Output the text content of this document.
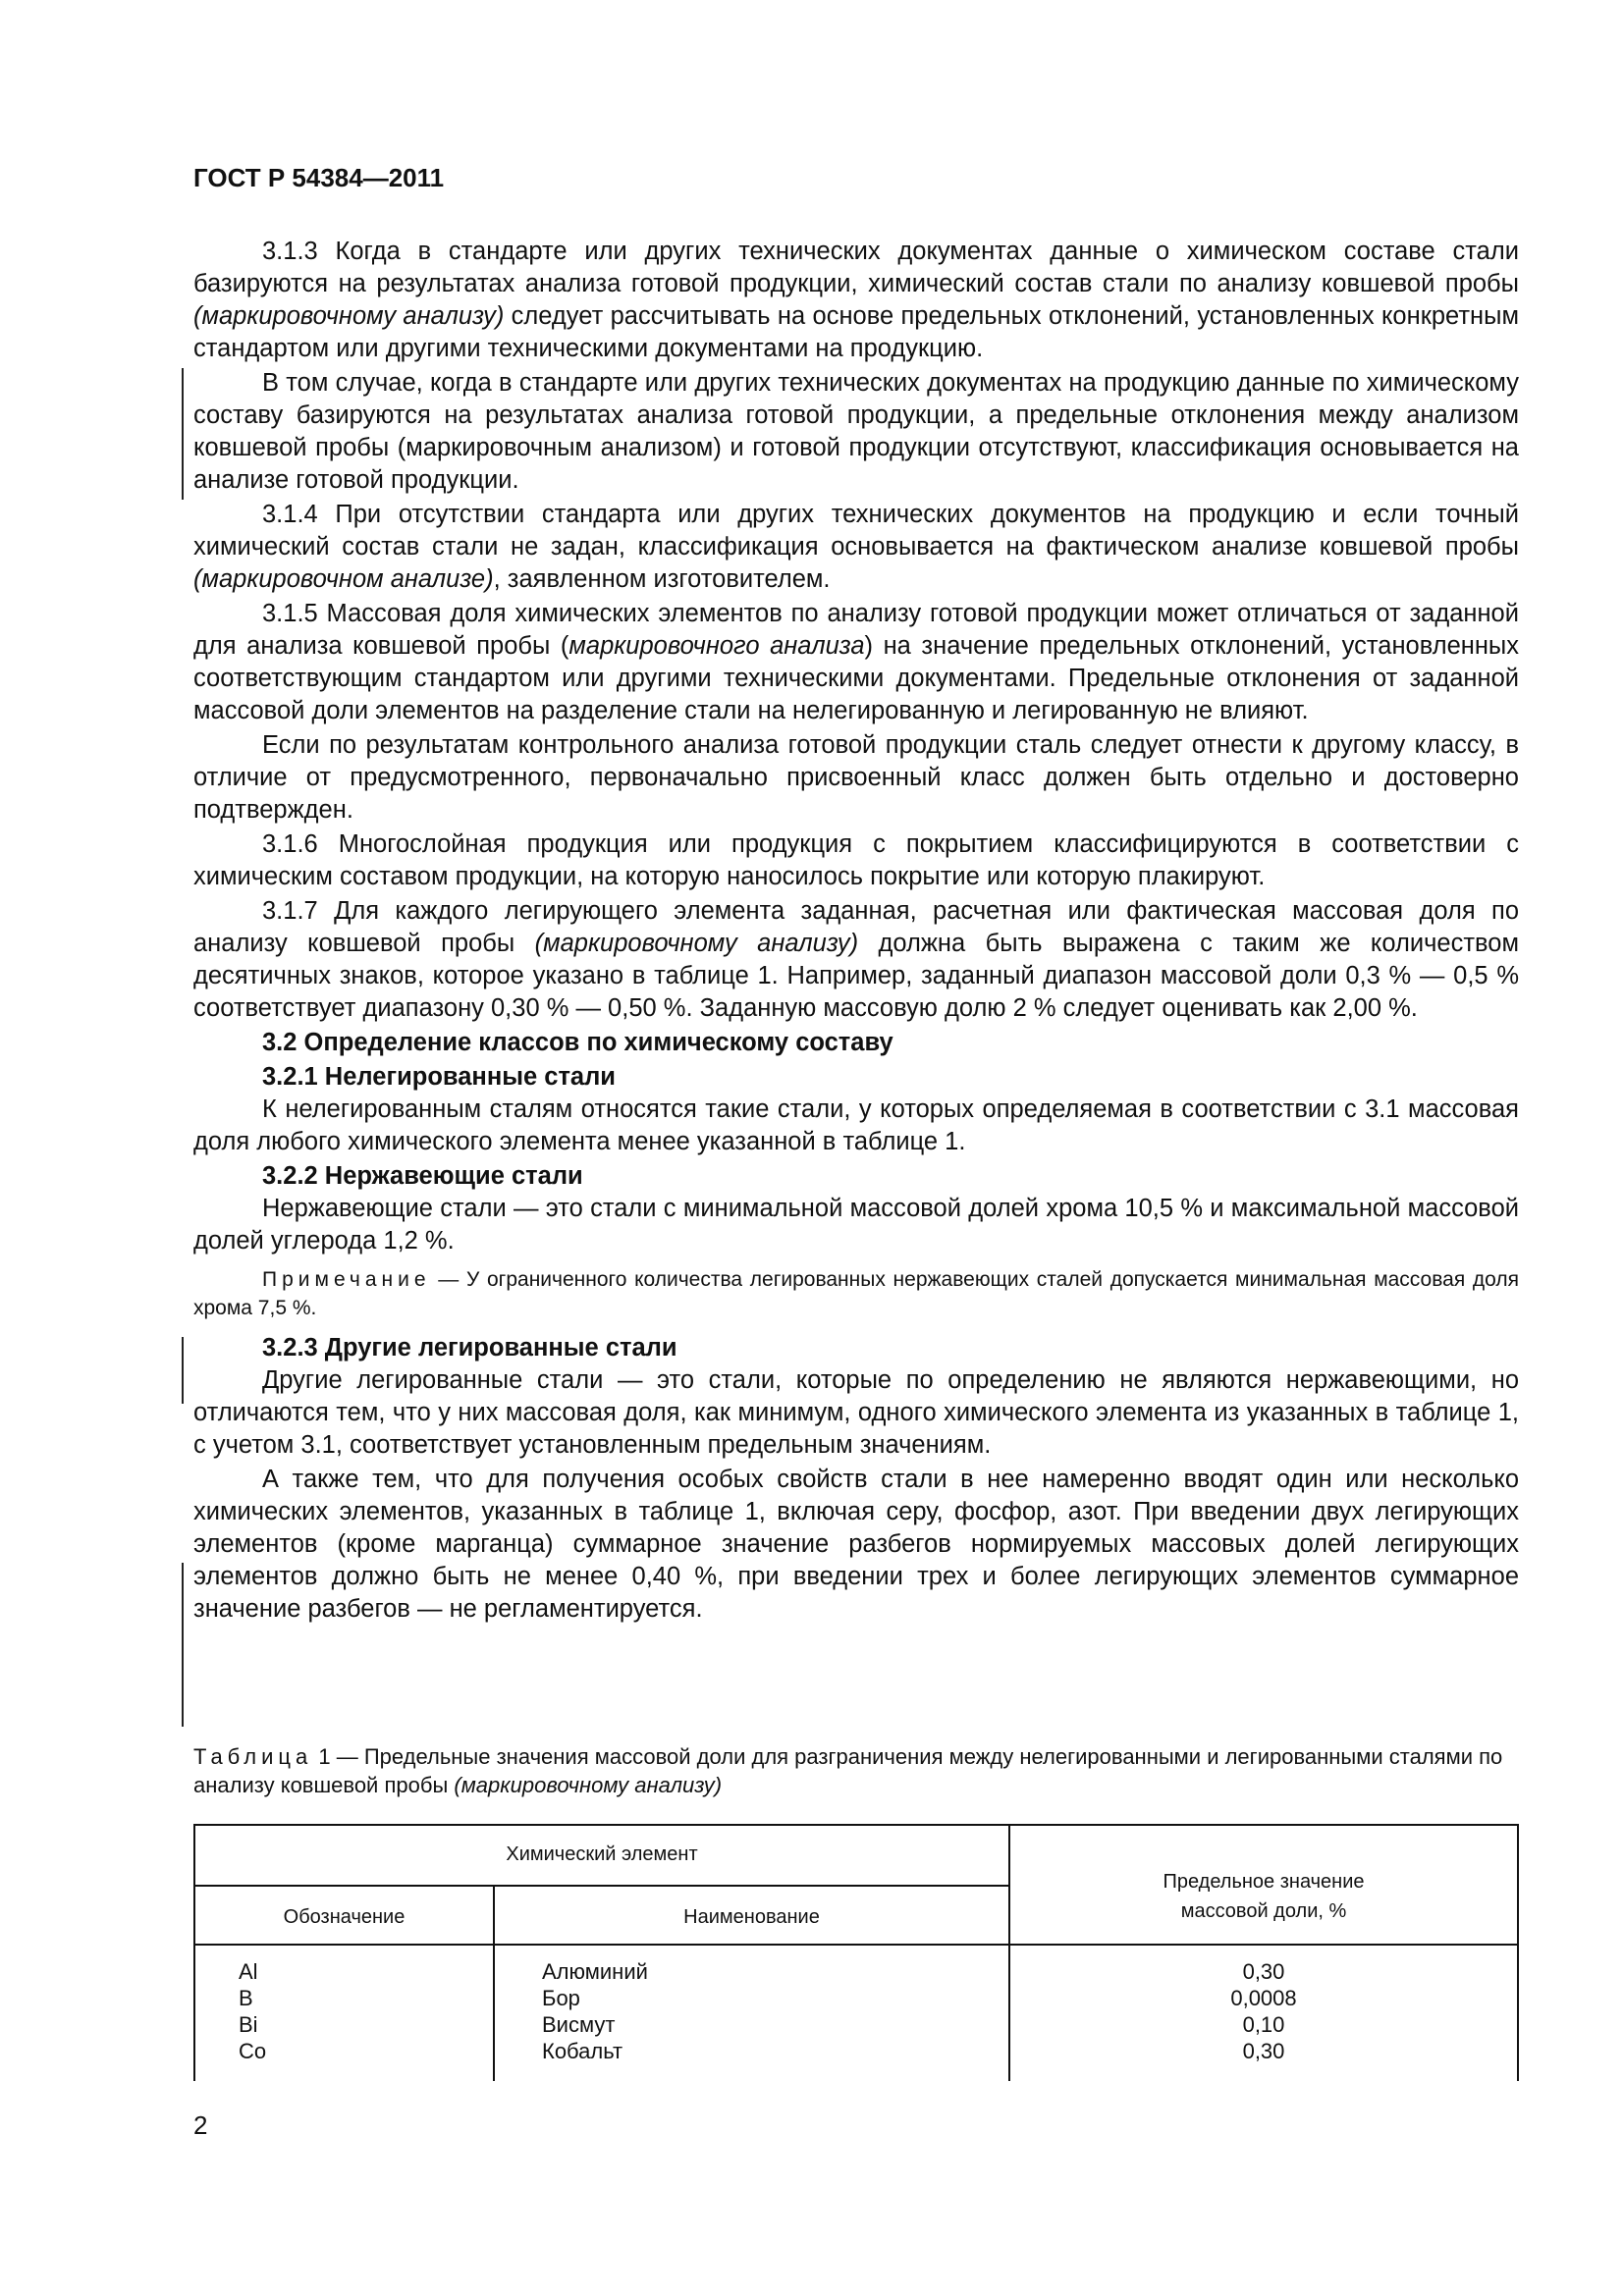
ГОСТ Р 54384—2011

3.1.3 Когда в стандарте или других технических документах данные о химическом составе стали базируются на результатах анализа готовой продукции, химический состав стали по анализу ковшевой пробы (маркировочному анализу) следует рассчитывать на основе предельных отклонений, установленных конкретным стандартом или другими техническими документами на продукцию.

В том случае, когда в стандарте или других технических документах на продукцию данные по химическому составу базируются на результатах анализа готовой продукции, а предельные отклонения между анализом ковшевой пробы (маркировочным анализом) и готовой продукции отсутствуют, классификация основывается на анализе готовой продукции.

3.1.4 При отсутствии стандарта или других технических документов на продукцию и если точный химический состав стали не задан, классификация основывается на фактическом анализе ковшевой пробы (маркировочном анализе), заявленном изготовителем.

3.1.5 Массовая доля химических элементов по анализу готовой продукции может отличаться от заданной для анализа ковшевой пробы (маркировочного анализа) на значение предельных отклонений, установленных соответствующим стандартом или другими техническими документами. Предельные отклонения от заданной массовой доли элементов на разделение стали на нелегированную и легированную не влияют.

Если по результатам контрольного анализа готовой продукции сталь следует отнести к другому классу, в отличие от предусмотренного, первоначально присвоенный класс должен быть отдельно и достоверно подтвержден.

3.1.6 Многослойная продукция или продукция с покрытием классифицируются в соответствии с химическим составом продукции, на которую наносилось покрытие или которую плакируют.

3.1.7 Для каждого легирующего элемента заданная, расчетная или фактическая массовая доля по анализу ковшевой пробы (маркировочному анализу) должна быть выражена с таким же количеством десятичных знаков, которое указано в таблице 1. Например, заданный диапазон массовой доли 0,3 % — 0,5 % соответствует диапазону 0,30 % — 0,50 %. Заданную массовую долю 2 % следует оценивать как 2,00 %.

3.2 Определение классов по химическому составу
3.2.1 Нелегированные стали

К нелегированным сталям относятся такие стали, у которых определяемая в соответствии с 3.1 массовая доля любого химического элемента менее указанной в таблице 1.

3.2.2 Нержавеющие стали

Нержавеющие стали — это стали с минимальной массовой долей хрома 10,5 % и максимальной массовой долей углерода 1,2 %.

Примечание — У ограниченного количества легированных нержавеющих сталей допускается минимальная массовая доля хрома 7,5 %.

3.2.3 Другие легированные стали

Другие легированные стали — это стали, которые по определению не являются нержавеющими, но отличаются тем, что у них массовая доля, как минимум, одного химического элемента из указанных в таблице 1, с учетом 3.1, соответствует установленным предельным значениям.

А также тем, что для получения особых свойств стали в нее намеренно вводят один или несколько химических элементов, указанных в таблице 1, включая серу, фосфор, азот. При введении двух легирующих элементов (кроме марганца) суммарное значение разбегов нормируемых массовых долей легирующих элементов должно быть не менее 0,40 %, при введении трех и более легирующих элементов суммарное значение разбегов — не регламентируется.

Таблица 1 — Предельные значения массовой доли для разграничения между нелегированными и легированными сталями по анализу ковшевой пробы (маркировочному анализу)
Химический элемент
Обозначение	Наименование
Предельное значение
массовой доли, %
Al	Алюминий	0,30
B	Бор	0,0008
Bi	Висмут	0,10
Co	Кобальт	0,30
2
